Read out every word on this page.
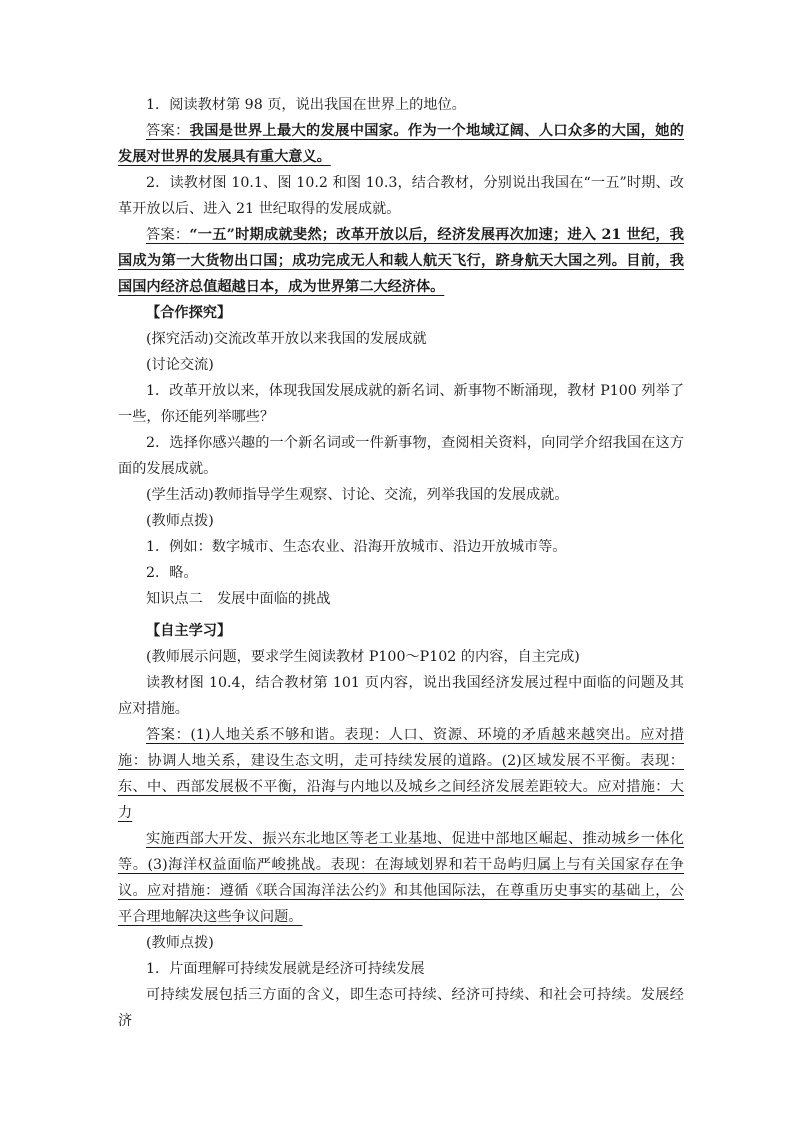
1．阅读教材第 98 页，说出我国在世界上的地位。

答案：我国是世界上最大的发展中国家。作为一个地域辽阔、人口众多的大国，她的发展对世界的发展具有重大意义。

2．读教材图 10.1、图 10.2 和图 10.3，结合教材，分别说出我国在“一五”时期、改革开放以后、进入 21 世纪取得的发展成就。

答案：“一五”时期成就斐然；改革开放以后，经济发展再次加速；进入 21 世纪，我国成为第一大货物出口国；成功完成无人和载人航天飞行，跻身航天大国之列。目前，我国国内经济总值超越日本，成为世界第二大经济体。

【合作探究】

(探究活动)交流改革开放以来我国的发展成就

(讨论交流)

1．改革开放以来，体现我国发展成就的新名词、新事物不断涌现，教材 P100 列举了一些，你还能列举哪些？

2．选择你感兴趣的一个新名词或一件新事物，查阅相关资料，向同学介绍我国在这方面的发展成就。

(学生活动)教师指导学生观察、讨论、交流，列举我国的发展成就。

(教师点拨)

1．例如：数字城市、生态农业、沿海开放城市、沿边开放城市等。

2．略。

知识点二　发展中面临的挑战

【自主学习】

(教师展示问题，要求学生阅读教材 P100～P102 的内容，自主完成)

读教材图 10.4，结合教材第 101 页内容，说出我国经济发展过程中面临的问题及其应对措施。

答案：(1)人地关系不够和谐。表现：人口、资源、环境的矛盾越来越突出。应对措施：协调人地关系，建设生态文明，走可持续发展的道路。(2)区域发展不平衡。表现：东、中、西部发展极不平衡，沿海与内地以及城乡之间经济发展差距较大。应对措施：大力

实施西部大开发、振兴东北地区等老工业基地、促进中部地区崛起、推动城乡一体化等。(3)海洋权益面临严峻挑战。表现：在海域划界和若干岛屿归属上与有关国家存在争议。应对措施：遵循《联合国海洋法公约》和其他国际法，在尊重历史事实的基础上，公平合理地解决这些争议问题。

(教师点拨)

1．片面理解可持续发展就是经济可持续发展

可持续发展包括三方面的含义，即生态可持续、经济可持续、和社会可持续。发展经济
